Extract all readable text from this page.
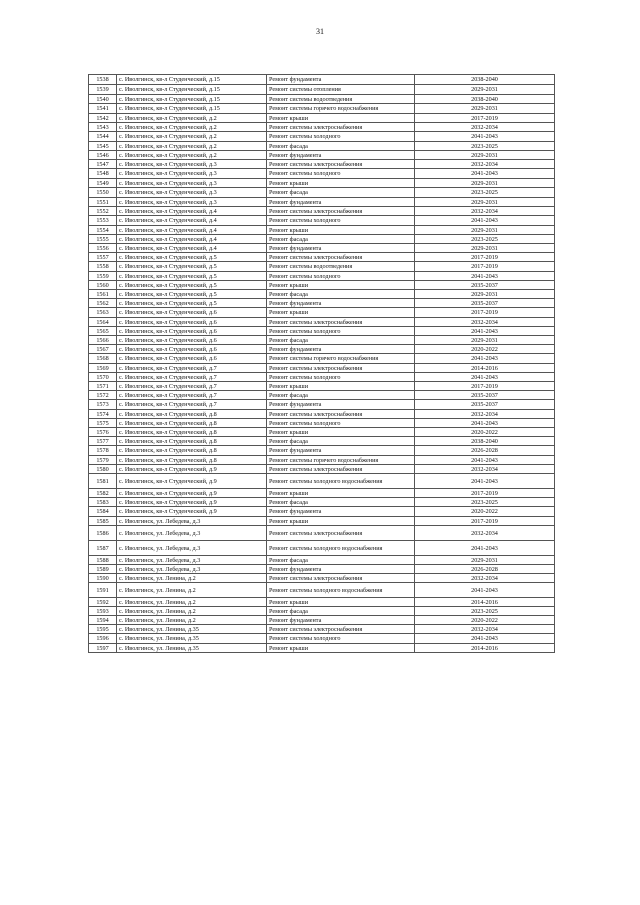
31
1538	с. Иволгинск, кв-л Студенческий, д.15	Ремонт фундамента	2038-2040
1539	с. Иволгинск, кв-л Студенческий, д.15	Ремонт системы отопления	2029-2031
1540	с. Иволгинск, кв-л Студенческий, д.15	Ремонт системы водоотведения	2038-2040
1541	с. Иволгинск, кв-л Студенческий, д.15	Ремонт системы горячего водоснабжения	2029-2031
1542	с. Иволгинск, кв-л Студенческий, д.2	Ремонт крыши	2017-2019
1543	с. Иволгинск, кв-л Студенческий, д.2	Ремонт системы электроснабжения	2032-2034
1544	с. Иволгинск, кв-л Студенческий, д.2	Ремонт системы холодного	2041-2043
1545	с. Иволгинск, кв-л Студенческий, д.2	Ремонт фасада	2023-2025
1546	с. Иволгинск, кв-л Студенческий, д.2	Ремонт фундамента	2029-2031
1547	с. Иволгинск, кв-л Студенческий, д.3	Ремонт системы электроснабжения	2032-2034
1548	с. Иволгинск, кв-л Студенческий, д.3	Ремонт системы холодного	2041-2043
1549	с. Иволгинск, кв-л Студенческий, д.3	Ремонт крыши	2029-2031
1550	с. Иволгинск, кв-л Студенческий, д.3	Ремонт фасада	2023-2025
1551	с. Иволгинск, кв-л Студенческий, д.3	Ремонт фундамента	2029-2031
1552	с. Иволгинск, кв-л Студенческий, д.4	Ремонт системы электроснабжения	2032-2034
1553	с. Иволгинск, кв-л Студенческий, д.4	Ремонт системы холодного	2041-2043
1554	с. Иволгинск, кв-л Студенческий, д.4	Ремонт крыши	2029-2031
1555	с. Иволгинск, кв-л Студенческий, д.4	Ремонт фасада	2023-2025
1556	с. Иволгинск, кв-л Студенческий, д.4	Ремонт фундамента	2029-2031
1557	с. Иволгинск, кв-л Студенческий, д.5	Ремонт системы электроснабжения	2017-2019
1558	с. Иволгинск, кв-л Студенческий, д.5	Ремонт системы водоотведения	2017-2019
1559	с. Иволгинск, кв-л Студенческий, д.5	Ремонт системы холодного	2041-2043
1560	с. Иволгинск, кв-л Студенческий, д.5	Ремонт крыши	2035-2037
1561	с. Иволгинск, кв-л Студенческий, д.5	Ремонт фасада	2029-2031
1562	с. Иволгинск, кв-л Студенческий, д.5	Ремонт фундамента	2035-2037
1563	с. Иволгинск, кв-л Студенческий, д.6	Ремонт крыши	2017-2019
1564	с. Иволгинск, кв-л Студенческий, д.6	Ремонт системы электроснабжения	2032-2034
1565	с. Иволгинск, кв-л Студенческий, д.6	Ремонт системы холодного	2041-2043
1566	с. Иволгинск, кв-л Студенческий, д.6	Ремонт фасада	2029-2031
1567	с. Иволгинск, кв-л Студенческий, д.6	Ремонт фундамента	2020-2022
1568	с. Иволгинск, кв-л Студенческий, д.6	Ремонт системы горячего водоснабжения	2041-2043
1569	с. Иволгинск, кв-л Студенческий, д.7	Ремонт системы электроснабжения	2014-2016
1570	с. Иволгинск, кв-л Студенческий, д.7	Ремонт системы холодного	2041-2043
1571	с. Иволгинск, кв-л Студенческий, д.7	Ремонт крыши	2017-2019
1572	с. Иволгинск, кв-л Студенческий, д.7	Ремонт фасада	2035-2037
1573	с. Иволгинск, кв-л Студенческий, д.7	Ремонт фундамента	2035-2037
1574	с. Иволгинск, кв-л Студенческий, д.8	Ремонт системы электроснабжения	2032-2034
1575	с. Иволгинск, кв-л Студенческий, д.8	Ремонт системы холодного	2041-2043
1576	с. Иволгинск, кв-л Студенческий, д.8	Ремонт крыши	2020-2022
1577	с. Иволгинск, кв-л Студенческий, д.8	Ремонт фасада	2038-2040
1578	с. Иволгинск, кв-л Студенческий, д.8	Ремонт фундамента	2026-2028
1579	с. Иволгинск, кв-л Студенческий, д.8	Ремонт системы горячего водоснабжения	2041-2043
1580	с. Иволгинск, кв-л Студенческий, д.9	Ремонт системы электроснабжения	2032-2034
1581	с. Иволгинск, кв-л Студенческий, д.9	Ремонт системы холодного водоснабжения	2041-2043
1582	с. Иволгинск, кв-л Студенческий, д.9	Ремонт крыши	2017-2019
1583	с. Иволгинск, кв-л Студенческий, д.9	Ремонт фасада	2023-2025
1584	с. Иволгинск, кв-л Студенческий, д.9	Ремонт фундамента	2020-2022
1585	с. Иволгинск, ул. Лебедева, д.3	Ремонт крыши	2017-2019
1586	с. Иволгинск, ул. Лебедева, д.3	Ремонт системы электроснабжения	2032-2034
1587	с. Иволгинск, ул. Лебедева, д.3	Ремонт системы холодного водоснабжения	2041-2043
1588	с. Иволгинск, ул. Лебедева, д.3	Ремонт фасада	2029-2031
1589	с. Иволгинск, ул. Лебедева, д.3	Ремонт фундамента	2026-2028
1590	с. Иволгинск, ул. Ленина, д.2	Ремонт системы электроснабжения	2032-2034
1591	с. Иволгинск, ул. Ленина, д.2	Ремонт системы холодного водоснабжения	2041-2043
1592	с. Иволгинск, ул. Ленина, д.2	Ремонт крыши	2014-2016
1593	с. Иволгинск, ул. Ленина, д.2	Ремонт фасада	2023-2025
1594	с. Иволгинск, ул. Ленина, д.2	Ремонт фундамента	2020-2022
1595	с. Иволгинск, ул. Ленина, д.35	Ремонт системы электроснабжения	2032-2034
1596	с. Иволгинск, ул. Ленина, д.35	Ремонт системы холодного	2041-2043
1597	с. Иволгинск, ул. Ленина, д.35	Ремонт крыши	2014-2016
